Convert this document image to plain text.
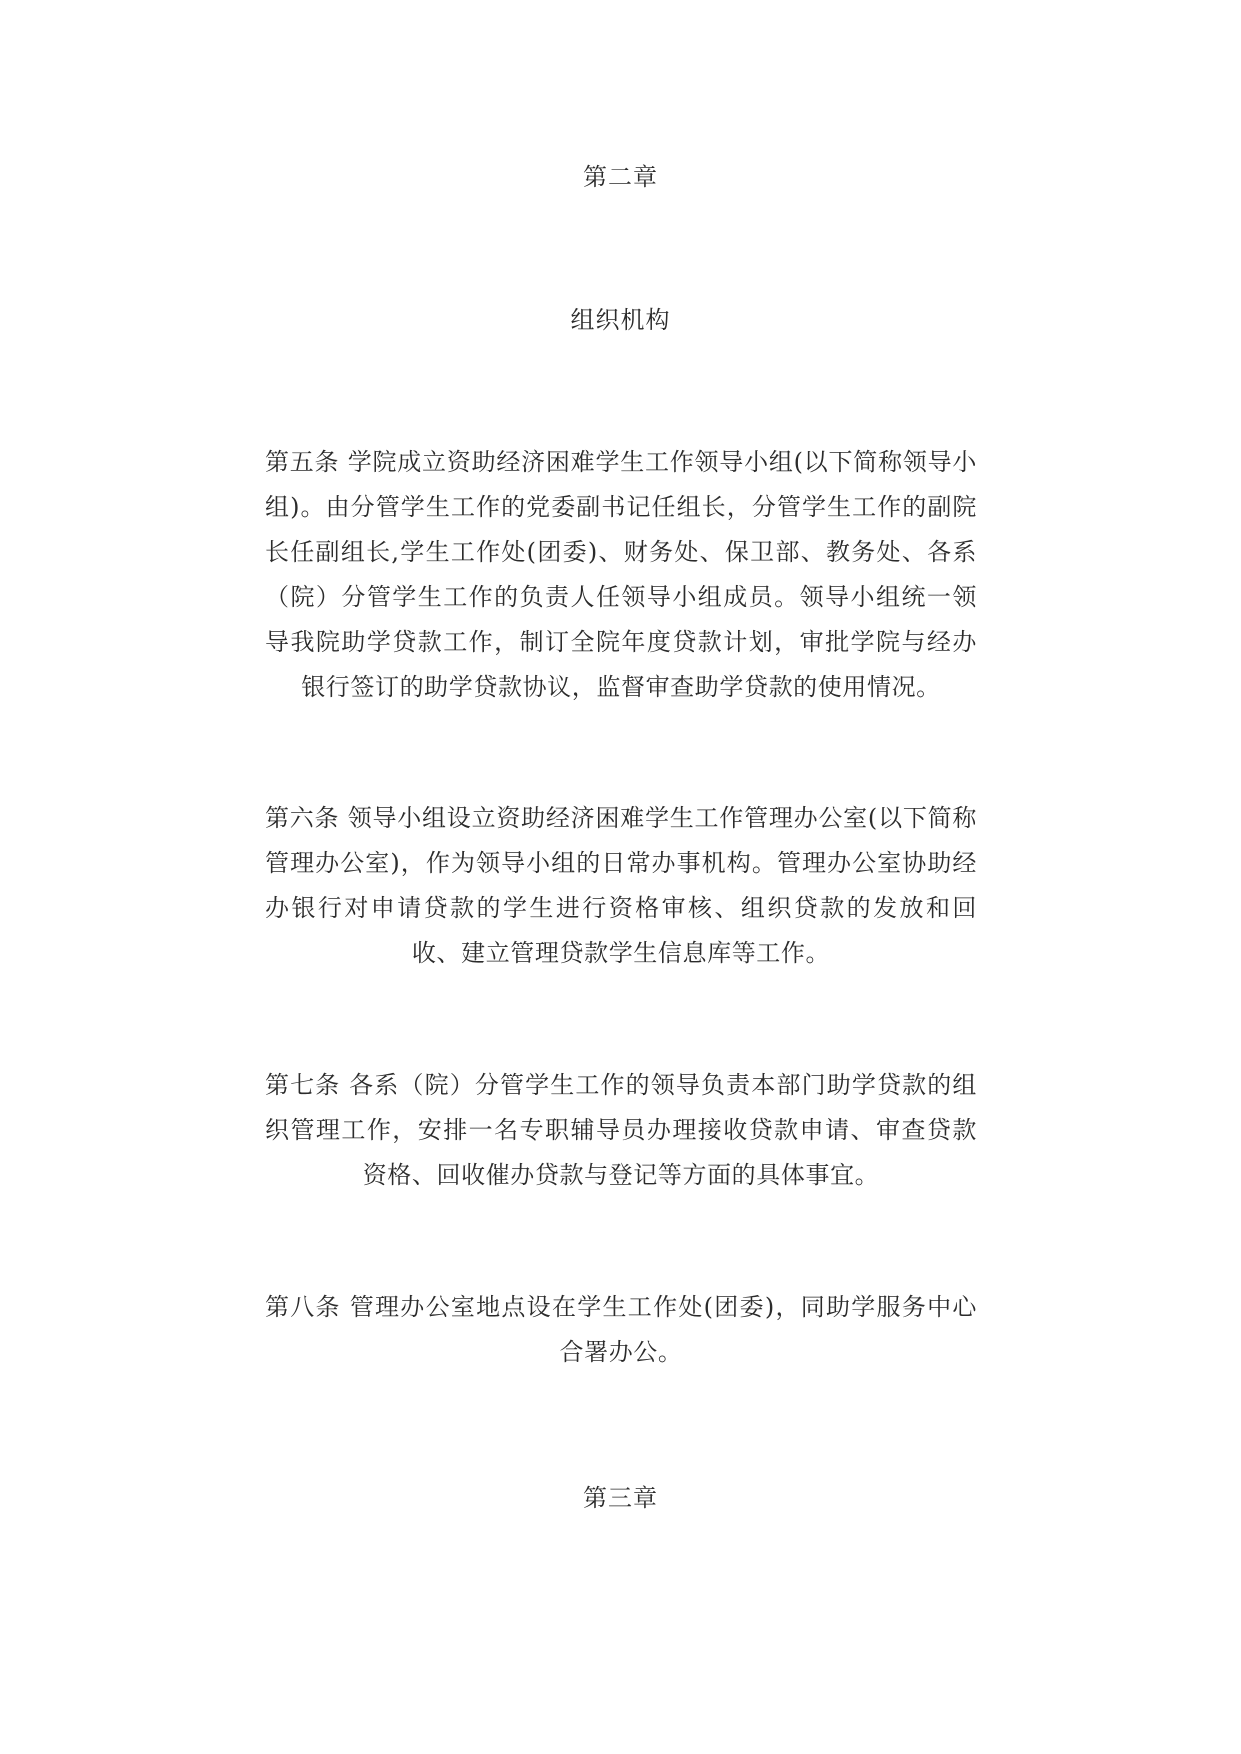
第二章
组织机构
第五条 学院成立资助经济困难学生工作领导小组(以下简称领导小组)。由分管学生工作的党委副书记任组长，分管学生工作的副院长任副组长,学生工作处(团委)、财务处、保卫部、教务处、各系（院）分管学生工作的负责人任领导小组成员。领导小组统一领导我院助学贷款工作，制订全院年度贷款计划，审批学院与经办银行签订的助学贷款协议，监督审查助学贷款的使用情况。
第六条 领导小组设立资助经济困难学生工作管理办公室(以下简称管理办公室)，作为领导小组的日常办事机构。管理办公室协助经办银行对申请贷款的学生进行资格审核、组织贷款的发放和回收、建立管理贷款学生信息库等工作。
第七条 各系（院）分管学生工作的领导负责本部门助学贷款的组织管理工作，安排一名专职辅导员办理接收贷款申请、审查贷款资格、回收催办贷款与登记等方面的具体事宜。
第八条 管理办公室地点设在学生工作处(团委)，同助学服务中心合署办公。
第三章
